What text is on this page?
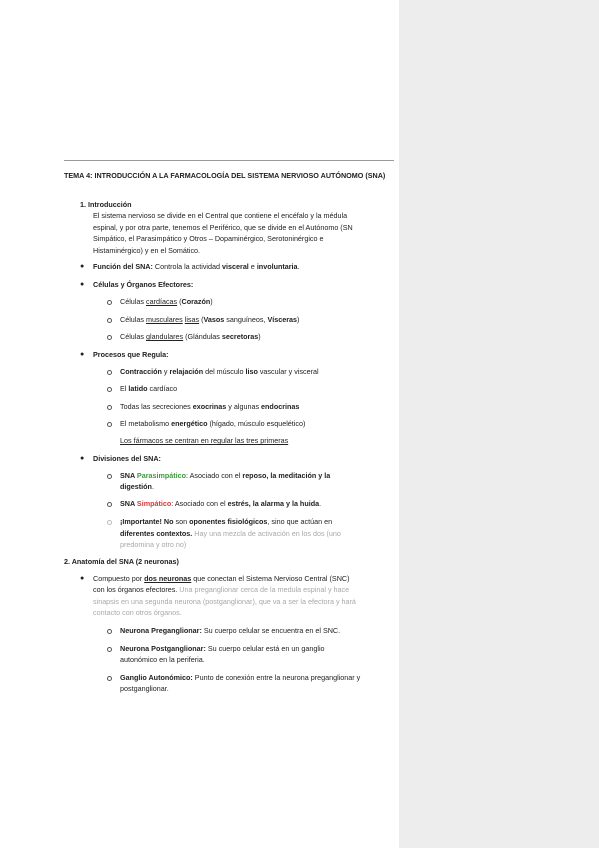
TEMA 4: INTRODUCCIÓN A LA FARMACOLOGÍA DEL SISTEMA NERVIOSO AUTÓNOMO (SNA)
1. Introducción
El sistema nervioso se divide en el Central que contiene el encéfalo y la médula
espinal, y por otra parte, tenemos el Periférico, que se divide en el Autónomo (SN
Simpático, el Parasimpático y Otros – Dopaminérgico, Serotoninérgico e
Histaminérgico) y en el Somático.
● Función del SNA: Controla la actividad visceral e involuntaria.
● Células y Órganos Efectores:
Células cardíacas (Corazón)
Células musculares lisas (Vasos sanguíneos, Vísceras)
Células glandulares (Glándulas secretoras)
● Procesos que Regula:
Contracción y relajación del músculo liso vascular y visceral
El latido cardíaco
Todas las secreciones exocrinas y algunas endocrinas
El metabolismo energético (hígado, músculo esquelético)
Los fármacos se centran en regular las tres primeras
● Divisiones del SNA:
SNA Parasimpático: Asociado con el reposo, la meditación y la
digestión.
SNA Simpático: Asociado con el estrés, la alarma y la huida.
¡Importante! No son oponentes fisiológicos, sino que actúan en
diferentes contextos. Hay una mezcla de activación en los dos (uno
predomina y otro no)
2. Anatomía del SNA (2 neuronas)
● Compuesto por dos neuronas que conectan el Sistema Nervioso Central (SNC)
con los órganos efectores. Una preganglionar cerca de la medula espinal y hace
sinapsis en una segunda neurona (postganglionar), que va a ser la efectora y hará
contacto con otros órganos.
Neurona Preganglionar: Su cuerpo celular se encuentra en el SNC.
Neurona Postganglionar: Su cuerpo celular está en un ganglio
autonómico en la periferia.
Ganglio Autonómico: Punto de conexión entre la neurona preganglionar y
postganglionar.
